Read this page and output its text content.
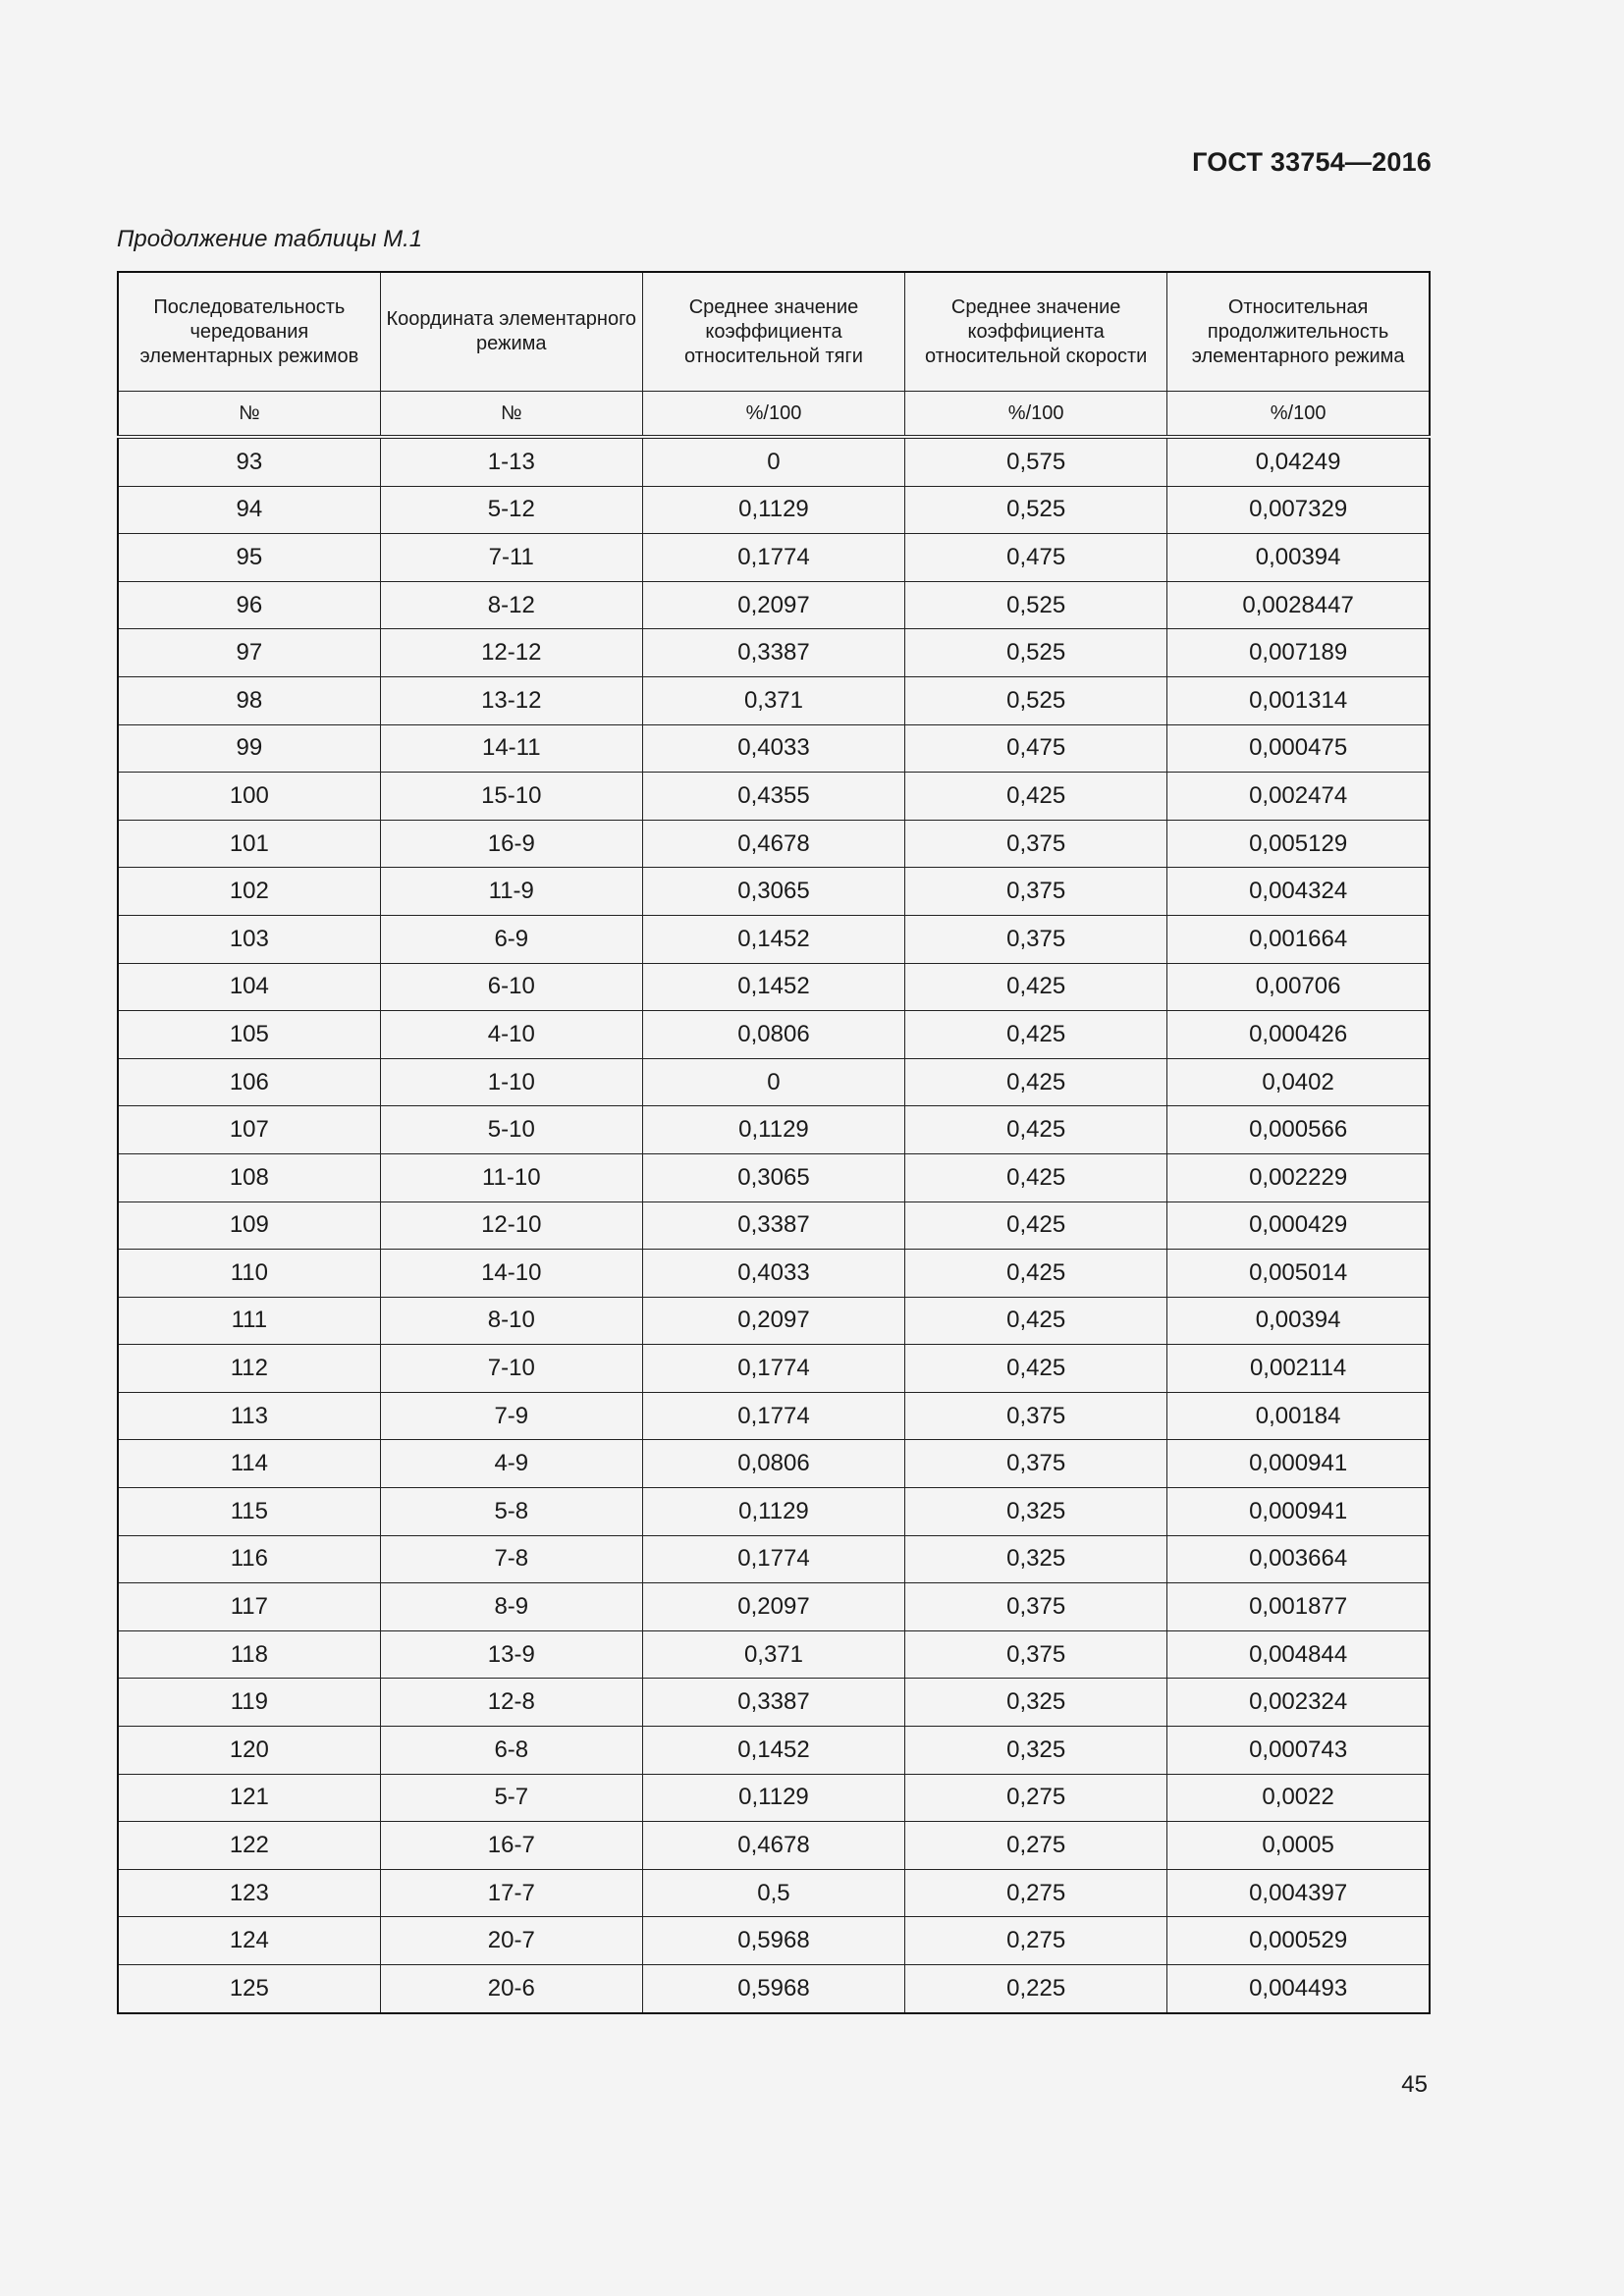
ГОСТ 33754—2016
Продолжение таблицы М.1
Последовательность чередования элементарных режимов	Координата элементарного режима	Среднее значение коэффициента относительной тяги	Среднее значение коэффициента относительной скорости	Относительная продолжительность элементарного режима
№	№	%/100	%/100	%/100
93	1-13	0	0,575	0,04249
94	5-12	0,1129	0,525	0,007329
95	7-11	0,1774	0,475	0,00394
96	8-12	0,2097	0,525	0,0028447
97	12-12	0,3387	0,525	0,007189
98	13-12	0,371	0,525	0,001314
99	14-11	0,4033	0,475	0,000475
100	15-10	0,4355	0,425	0,002474
101	16-9	0,4678	0,375	0,005129
102	11-9	0,3065	0,375	0,004324
103	6-9	0,1452	0,375	0,001664
104	6-10	0,1452	0,425	0,00706
105	4-10	0,0806	0,425	0,000426
106	1-10	0	0,425	0,0402
107	5-10	0,1129	0,425	0,000566
108	11-10	0,3065	0,425	0,002229
109	12-10	0,3387	0,425	0,000429
110	14-10	0,4033	0,425	0,005014
111	8-10	0,2097	0,425	0,00394
112	7-10	0,1774	0,425	0,002114
113	7-9	0,1774	0,375	0,00184
114	4-9	0,0806	0,375	0,000941
115	5-8	0,1129	0,325	0,000941
116	7-8	0,1774	0,325	0,003664
117	8-9	0,2097	0,375	0,001877
118	13-9	0,371	0,375	0,004844
119	12-8	0,3387	0,325	0,002324
120	6-8	0,1452	0,325	0,000743
121	5-7	0,1129	0,275	0,0022
122	16-7	0,4678	0,275	0,0005
123	17-7	0,5	0,275	0,004397
124	20-7	0,5968	0,275	0,000529
125	20-6	0,5968	0,225	0,004493
45
